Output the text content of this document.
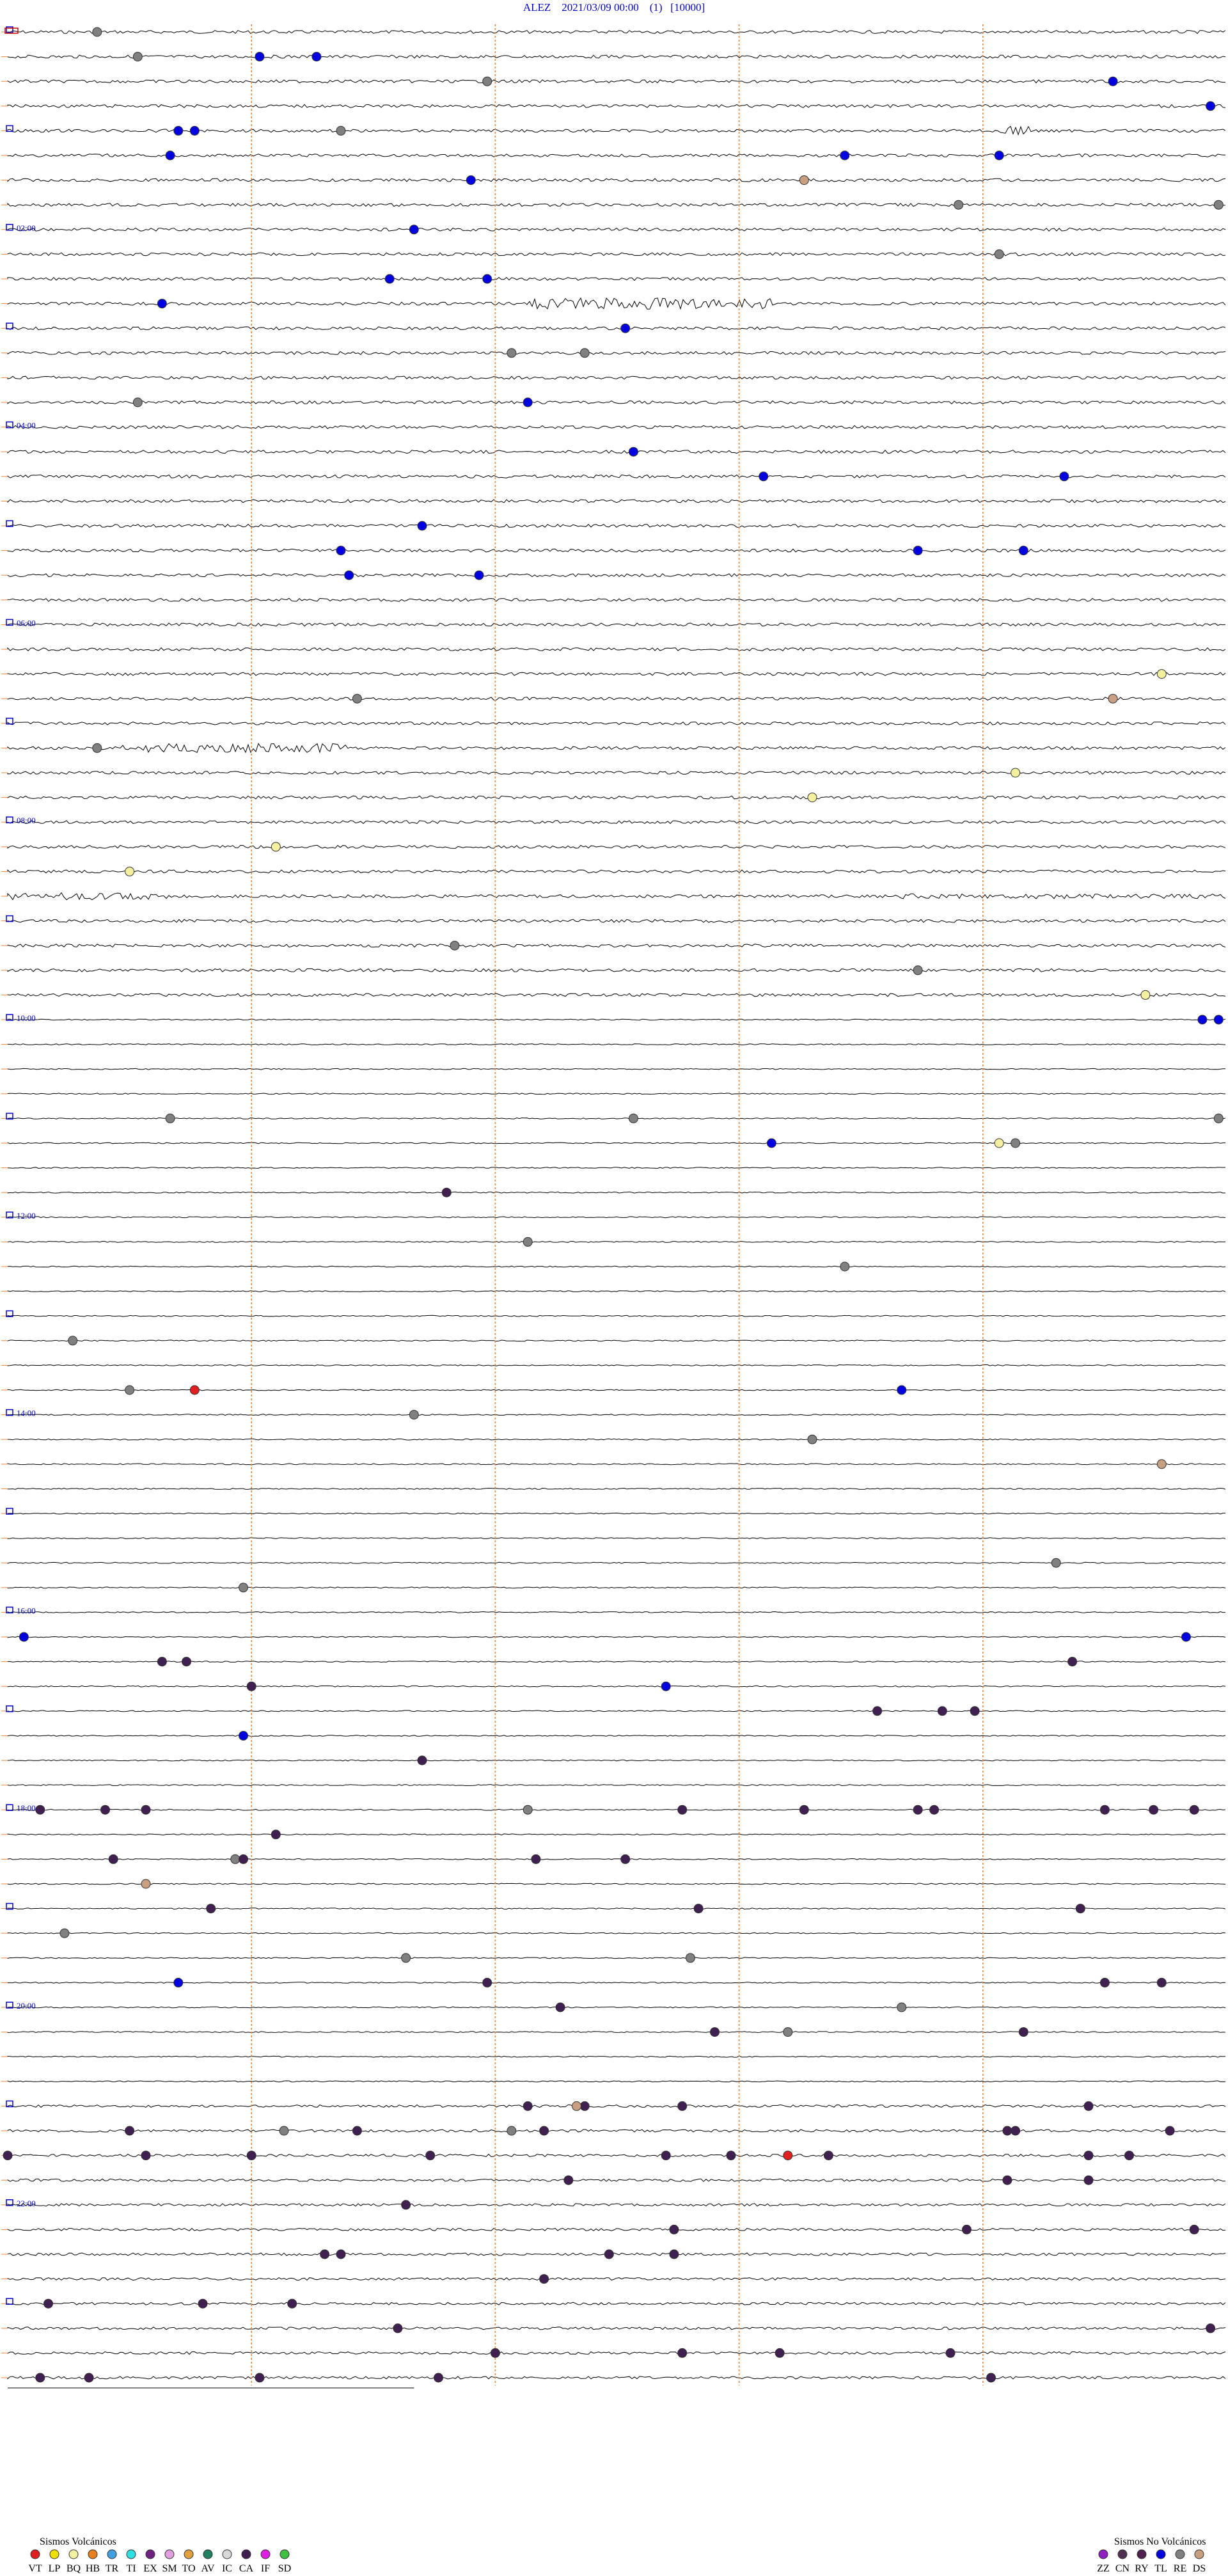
ALEZ 2021/03/09 00:00 (1) [10000]
02:00
04:00
06:00
08:00
10:00
12:00
14:00
16:00
18:00
20:00
22:00
Sismos Volcánicos
VT LP BQ HB TR TI EX SM TO AV IC CA IF SD
Sismos No Volcánicos
ZZ CN RY TL RE DS
